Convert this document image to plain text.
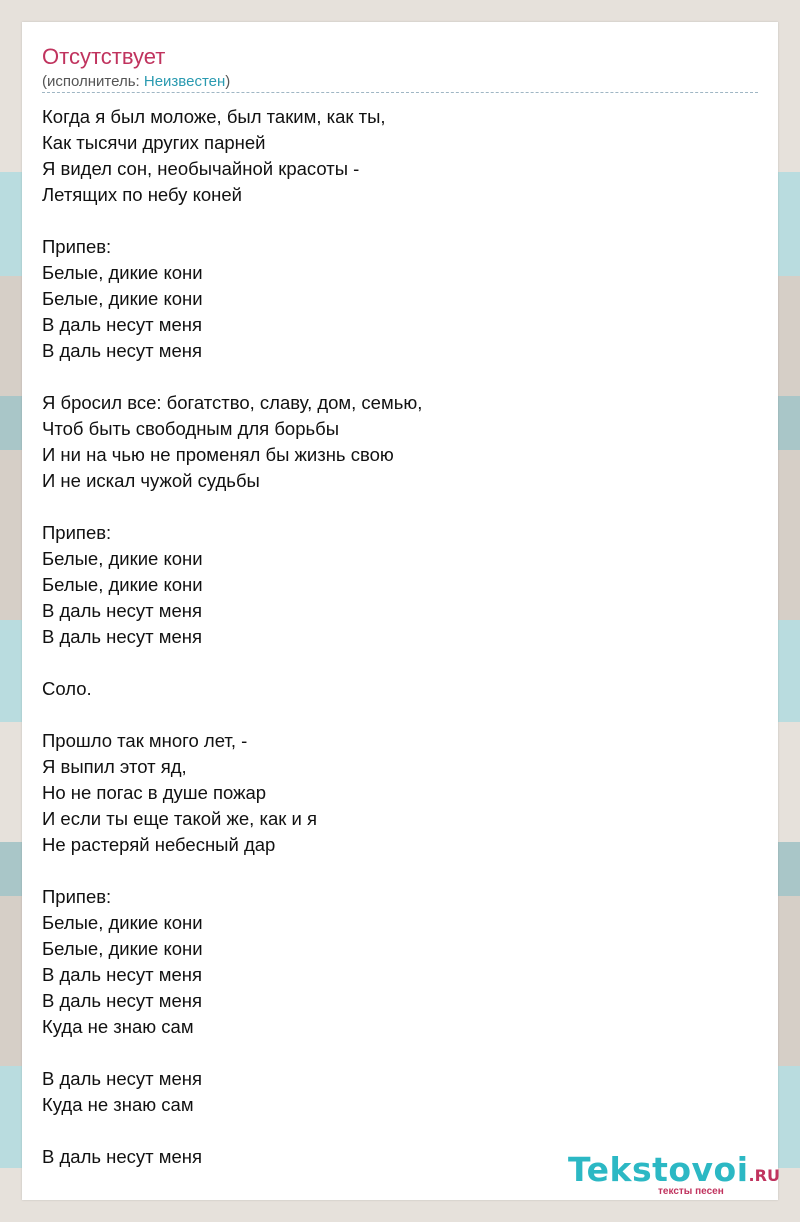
Отсутствует
(исполнитель: Неизвестен)
Когда я был моложе, был таким, как ты,
Как тысячи других парней
Я видел сон, необычайной красоты -
Летящих по небу коней

Припев:
Белые, дикие кони
Белые, дикие кони
В даль несут меня
В даль несут меня

Я бросил все: богатство, славу, дом, семью,
Чтоб быть свободным для борьбы
И ни на чью не променял бы жизнь свою
И не искал чужой судьбы

Припев:
Белые, дикие кони
Белые, дикие кони
В даль несут меня
В даль несут меня

Соло.

Прошло так много лет, -
Я выпил этот яд,
Но не погас в душе пожар
И если ты еще такой же, как и я
Не растеряй небесный дар

Припев:
Белые, дикие кони
Белые, дикие кони
В даль несут меня
В даль несут меня
Куда не знаю сам

В даль несут меня
Куда не знаю сам

В даль несут меня	Tekstovoi.RU
тексты песен
